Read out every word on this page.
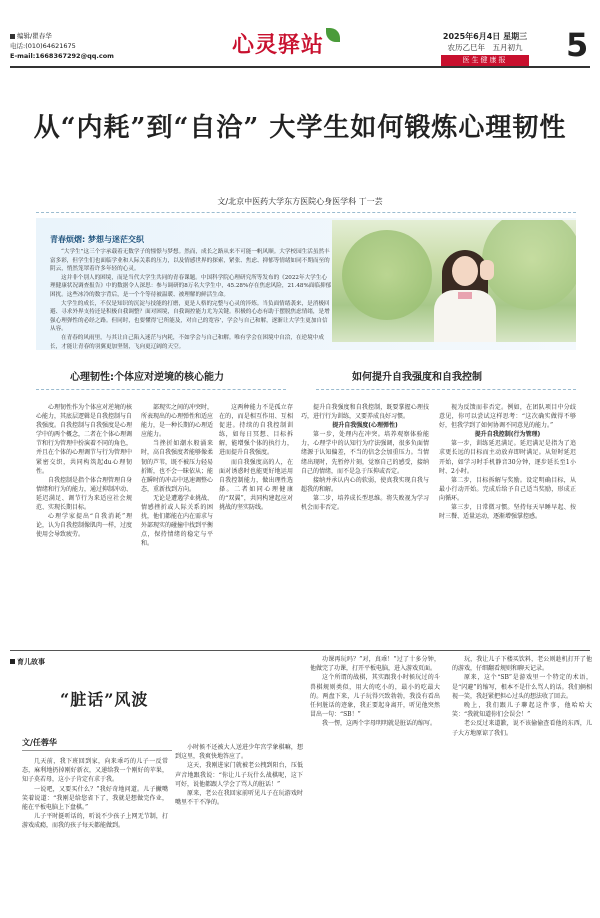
编辑/瞿春华
电话:(010)64621675
E-mail:1668367292@qq.com	心灵驿站	2025年6月4日 星期三
农历乙巳年　五月初九
医生健康报	5
从“内耗”到“自洽” 大学生如何锻炼心理韧性
文/北京中医药大学东方医院心身医学科 丁一芸
青春烦熠: 梦想与迷茫交织

“大学生”这三个字承载着无数学子的憧憬与梦想。然而，成长之路从来不可能一帆风顺。大学校园生活虽然丰富多彩，但学生们也面临学业和人际关系的压力，以及情感世界的探索，紧张、焦虑、抑郁等情绪如同不期而至的阴云，悄然笼罩着许多年轻的心灵。

这并非个别人的困境，而是当代大学生共同的青春课题。中国科学院心理研究所等发布的《2022年大学生心理健康状况调查报告》中的数据令人深思：参与调研的8万名大学生中，45.28%存在焦虑风险，21.48%面临抑郁困扰。这些冰冷的数字背后，是一个个等待被温暖、被理解的鲜活生命。

大学生的成长，不仅是知识的沉淀与技能的打磨，更是人格的完整与心灵的淬炼。当负面情绪袭来，是消极回避、寻求外界支持还是积极自我调整？面对困境，自我调控能力尤为关键。积极的心态有助于摆脱焦虑情绪，是增强心理弹性的必经之路。但同时，也要懂得‘已所能及，对自己的宽容’，学会与自己和解，逐渐让大学生更加自信从容。

在青春的风雨里，与其让自己陷入迷茫与内耗，不如学会与自己和解。唯有学会在困境中自洽，在逆境中成长，才能让青春的羽翼更加坚韧，飞向更辽阔的天空。

心理韧性:个体应对逆境的核心能力	如何提升自我强度和自我控制

心理韧性作为个体应对逆境的核心能力，其底层逻辑是自我控制与自我强度。自我控制与自我强度是心理学中的两个概念，二者在个体心理调节和行为管理中扮演着不同的角色，并且在个体的心理调节与行为管理中紧密交织，共同构筑起du心理韧性。

自我控制是指个体合理管理自身情绪和行为的能力，通过抑制冲动、延迟满足、调节行为来适应社会规范、实现长期目标。

心理学家提出“自我消耗”理论，认为自我控制像肌肉一样，过度使用会导致疲劳。

部现实之间的冲突时，所表现出的心理弹性和适应能力，是一种长期的心理适应能力。

当挫折如潮水般涌来时，高自我强度者能够像柔韧的芦苇，既不被压力轻易折断，也不会一昧依从；能在瞬时的冲击中迅速调整心态，重新找到方向。

无论是遭遇学业挑战、情感挫折或人际关系的困扰，他们都能在内在需求与外部现实的碰撞中找到平衡点，保持情绪的稳定与平和。

这两种能力不是孤立存在的，而是相互作用、互相促进。持续的自我控制训练，如每日冥想、目标拆解，能增强个体的执行力，进而提升自我强度。

而自我强度高的人，在面对诱惑时也能更好地运用自我控制能力，做出理性选择。二者如同心理健康的“双翼”，共同构建起应对挑战的坚实防线。

提升自我强度和自我控制，既要掌握心理技巧，进行行为训练，又要养成良好习惯。

提升自我强度(心理弹性)

第一步，处理内在冲突。培养观察体验能力，心理学中的认知行为疗法强调，很多负面情绪源于认知偏差，不当的信念会加重压力。当情绪出现时，先暂停片刻，觉察自己的感受，接纳自己的情绪，而不是急于压抑或否定。

接纳并承认内心的软弱，使真我实现自我与超我的和解。

第二步，培养成长型思维。将失败视为学习机会而非否定。

视为反馈而非否定。例如，在团队项目中分歧意见，你可以尝试这样思考：“这次确实做得不够好，但我学到了如何协调不同意见的能力。”

提升自我控制(行为管理)

第一步，训练延迟满足。延迟满足是指为了追求更长远的目标而主动放弃即时满足。从短时延迟开始，如学习时手机静音30分钟，逐步延长至1小时、2小时。

第二步，目标拆解与奖励。设定明确目标，从最小行动开始。完成后给予自己适当奖励，形成正向循环。

第三步，日常微习惯。坚持每天早睡早起、按时三餐、适量运动，逐渐增强掌控感。

育儿故事
“脏话”风波
文/任蓉华

几天前，我下班回到家，向来乖巧的儿子一反常态，麻利地扔掉刚好新衣，又递给我一个刚好的苹果，知子莫若母，这小子肯定有求于我。

一说吧，又要买什么？”我好奇地问道。儿子撇嘴笑着说道：“我刚是给您省下了，我就是想做完作业，能在平板电脑上下盘棋。”

儿子平时挺听话的，听说不少孩子上网无节制，打游戏成瘾，而我的孩子每天都能做到。

小时候不还被大人送进少年宫学象棋嘛，想到这里，我爽快地答应了。

这天，我刚进家门就被老公拽到阳台，压低声音地跟我说：“你让儿子玩什么战棋呢，这下可好，说他都跟人学会了骂人的脏话！”

原来，老公在我回家前听见儿子在玩游戏时嘴里不干不净的。

功课再玩吗？”对，真乖！”过了十多分钟，他做完了功课，打开平板电脑，进入游戏页面。

这个所谓的战棋，其实跟我小时候玩过的斗兽棋规则类似，用大的吃小的，最小的吃最大的。两盘下来，儿子玩得兴致勃勃，我没有看出任何脏话的迹象，我正要起身离开，听见他突然冒出一句：“SB！”

我一愣，这两个字母明明就是脏话的缩写。

玩，我让儿子下楼买饮料，老公则趁机打开了他的游戏，仔细翻看规则和聊天记录。

原来，这个“SB”是游戏里一个特定的术语，是“闪避”的缩写，根本不是什么骂人的话。我们俩相视一笑，我赶紧把担心过头的想法收了回去。

晚上，我们跟儿子聊起这件事，他哈哈大笑：“我就知道你们会误会！”

老公反过来道歉，说不该偷偷查看他的东西，儿子大方地原谅了我们。
